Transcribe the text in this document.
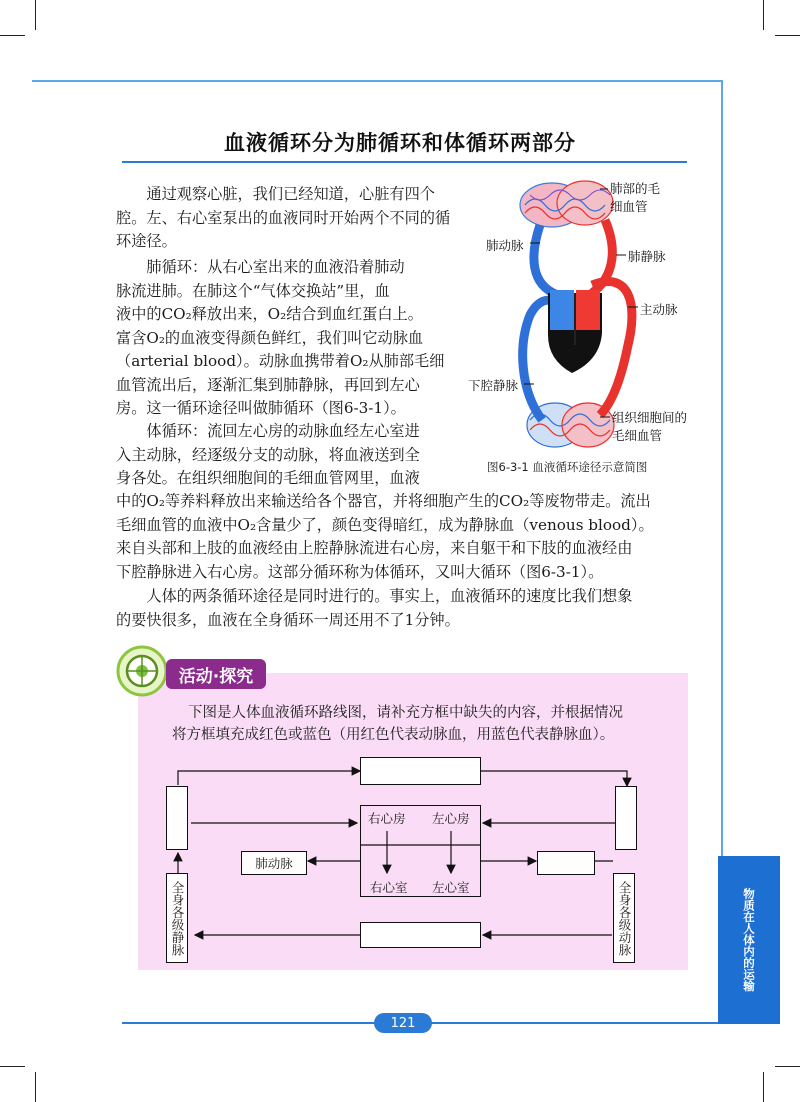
血液循环分为肺循环和体循环两部分

通过观察心脏，我们已经知道，心脏有四个腔。左、右心室泵出的血液同时开始两个不同的循环途径。

肺循环：从右心室出来的血液沿着肺动
脉流进肺。在肺这个“气体交换站”里，血
液中的CO₂释放出来，O₂结合到血红蛋白上。
富含O₂的血液变得颜色鲜红，我们叫它动脉血
（arterial blood）。动脉血携带着O₂从肺部毛细
血管流出后，逐渐汇集到肺静脉，再回到左心
房。这一循环途径叫做肺循环（图6-3-1）。
体循环：流回左心房的动脉血经左心室进
入主动脉，经逐级分支的动脉，将血液送到全
身各处。在组织细胞间的毛细血管网里，血液
中的O₂等养料释放出来输送给各个器官，并将细胞产生的CO₂等废物带走。流出
毛细血管的血液中O₂含量少了，颜色变得暗红，成为静脉血（venous blood）。
来自头部和上肢的血液经由上腔静脉流进右心房，来自躯干和下肢的血液经由
下腔静脉进入右心房。这部分循环称为体循环，又叫大循环（图6-3-1）。
人体的两条循环途径是同时进行的。事实上，血液循环的速度比我们想象
的要快很多，血液在全身循环一周还用不了1分钟。
肺部的毛
细血管
肺动脉
肺静脉
主动脉
下腔静脉
组织细胞间的
毛细血管
图6-3-1 血液循环途径示意简图
活动·探究
下图是人体血液循环路线图，请补充方框中缺失的内容，并根据情况
将方框填充成红色或蓝色（用红色代表动脉血，用蓝色代表静脉血）。
右心房 左心房
右心室 左心室
肺动脉
全身各级静脉	全身各级动脉	物质在人体内的运输
121
